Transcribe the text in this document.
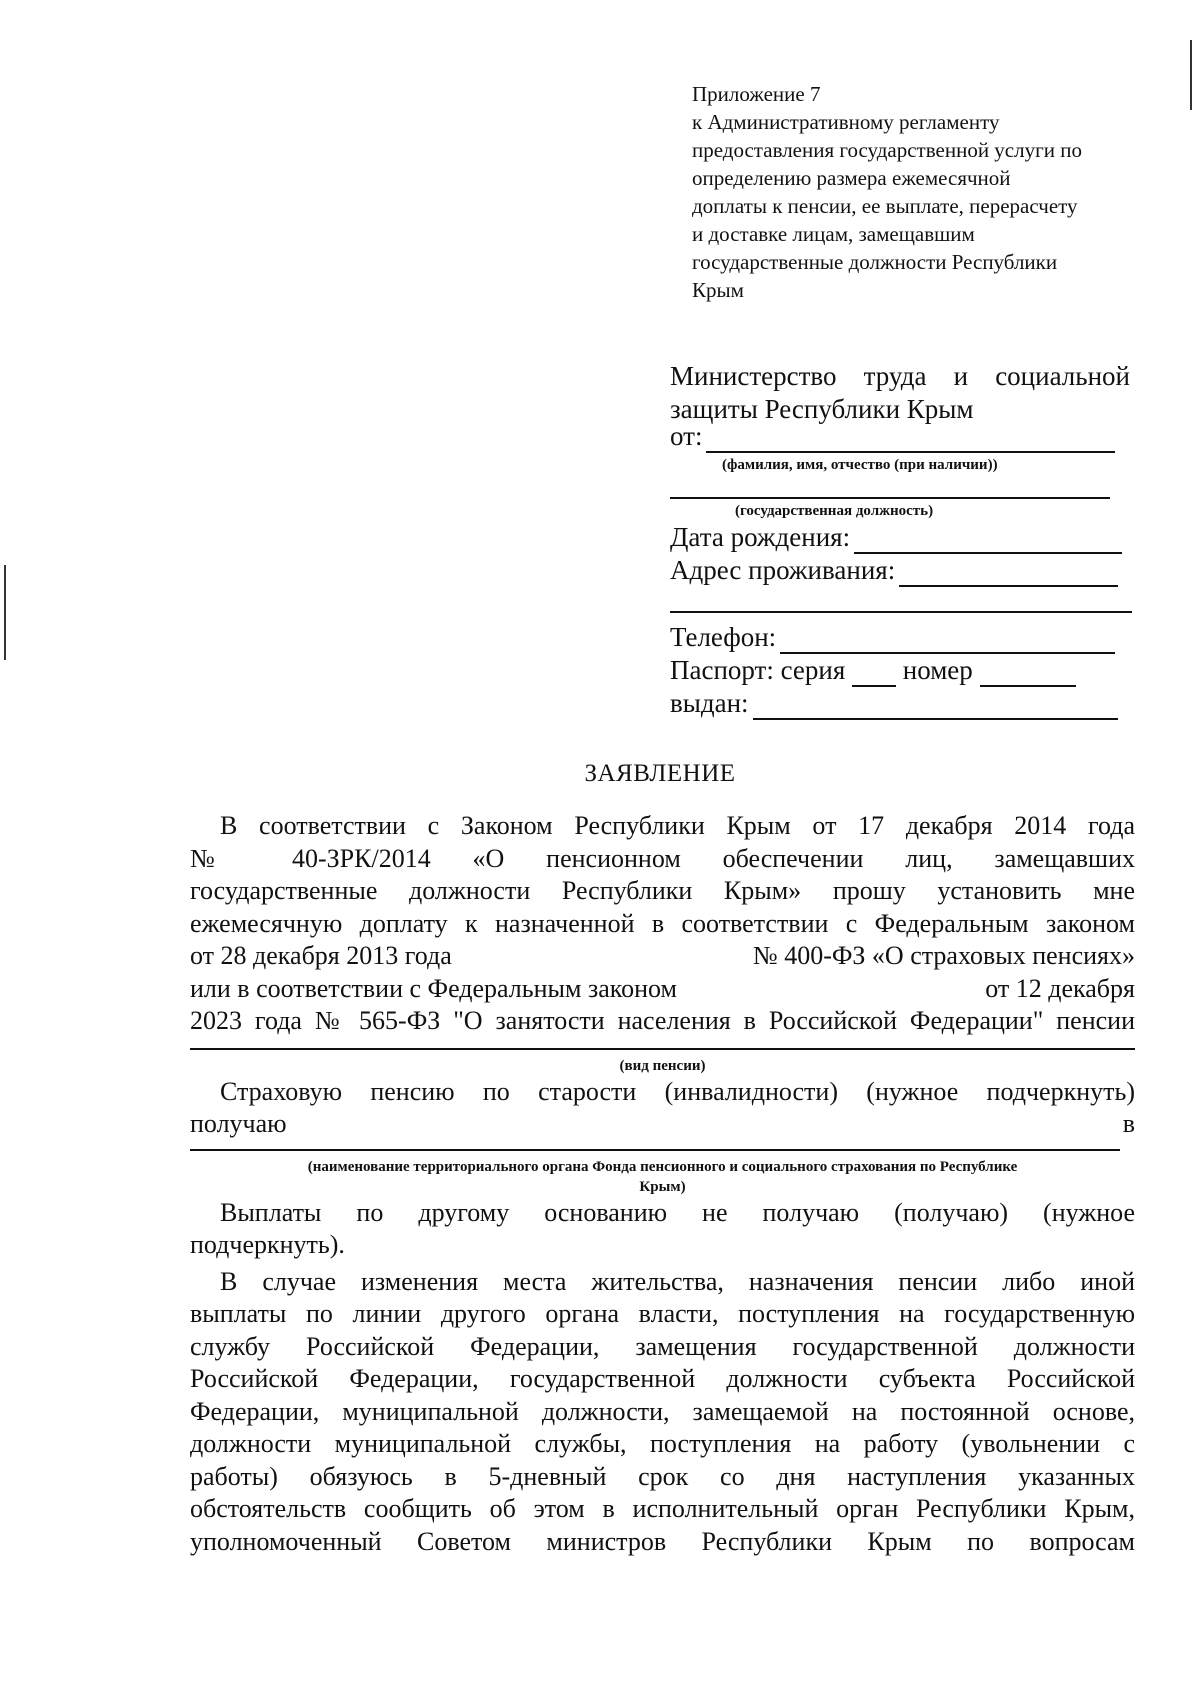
Приложение 7
к Административному регламенту
предоставления государственной услуги по
определению размера ежемесячной
доплаты к пенсии, ее выплате, перерасчету
и доставке лицам, замещавшим
государственные должности Республики
Крым
Министерство труда и социальной
защиты Республики Крым
от:
(фамилия, имя, отчество (при наличии))
(государственная должность)
Дата рождения:
Адрес проживания:
Телефон:
Паспорт: серия номер
выдан:
ЗАЯВЛЕНИЕ
В соответствии с Законом Республики Крым от 17 декабря 2014 года
№ 40-ЗРК/2014 «О пенсионном обеспечении лиц, замещавших
государственные должности Республики Крым» прошу установить мне
ежемесячную доплату к назначенной в соответствии с Федеральным законом
от 28 декабря 2013 года	№ 400-ФЗ «О страховых пенсиях»
или в соответствии с Федеральным законом	от 12 декабря
2023 года № 565-ФЗ "О занятости населения в Российской Федерации" пенсии
(вид пенсии)
Страховую пенсию по старости (инвалидности) (нужное подчеркнуть)
получаю	в
(наименование территориального органа Фонда пенсионного и социального страхования по Республике
Крым)
Выплаты по другому основанию не получаю (получаю) (нужное
подчеркнуть).
В случае изменения места жительства, назначения пенсии либо иной
выплаты по линии другого органа власти, поступления на государственную
службу Российской Федерации, замещения государственной должности
Российской Федерации, государственной должности субъекта Российской
Федерации, муниципальной должности, замещаемой на постоянной основе,
должности муниципальной службы, поступления на работу (увольнении с
работы) обязуюсь в 5-дневный срок со дня наступления указанных
обстоятельств сообщить об этом в исполнительный орган Республики Крым,
уполномоченный Советом министров Республики Крым по вопросам
